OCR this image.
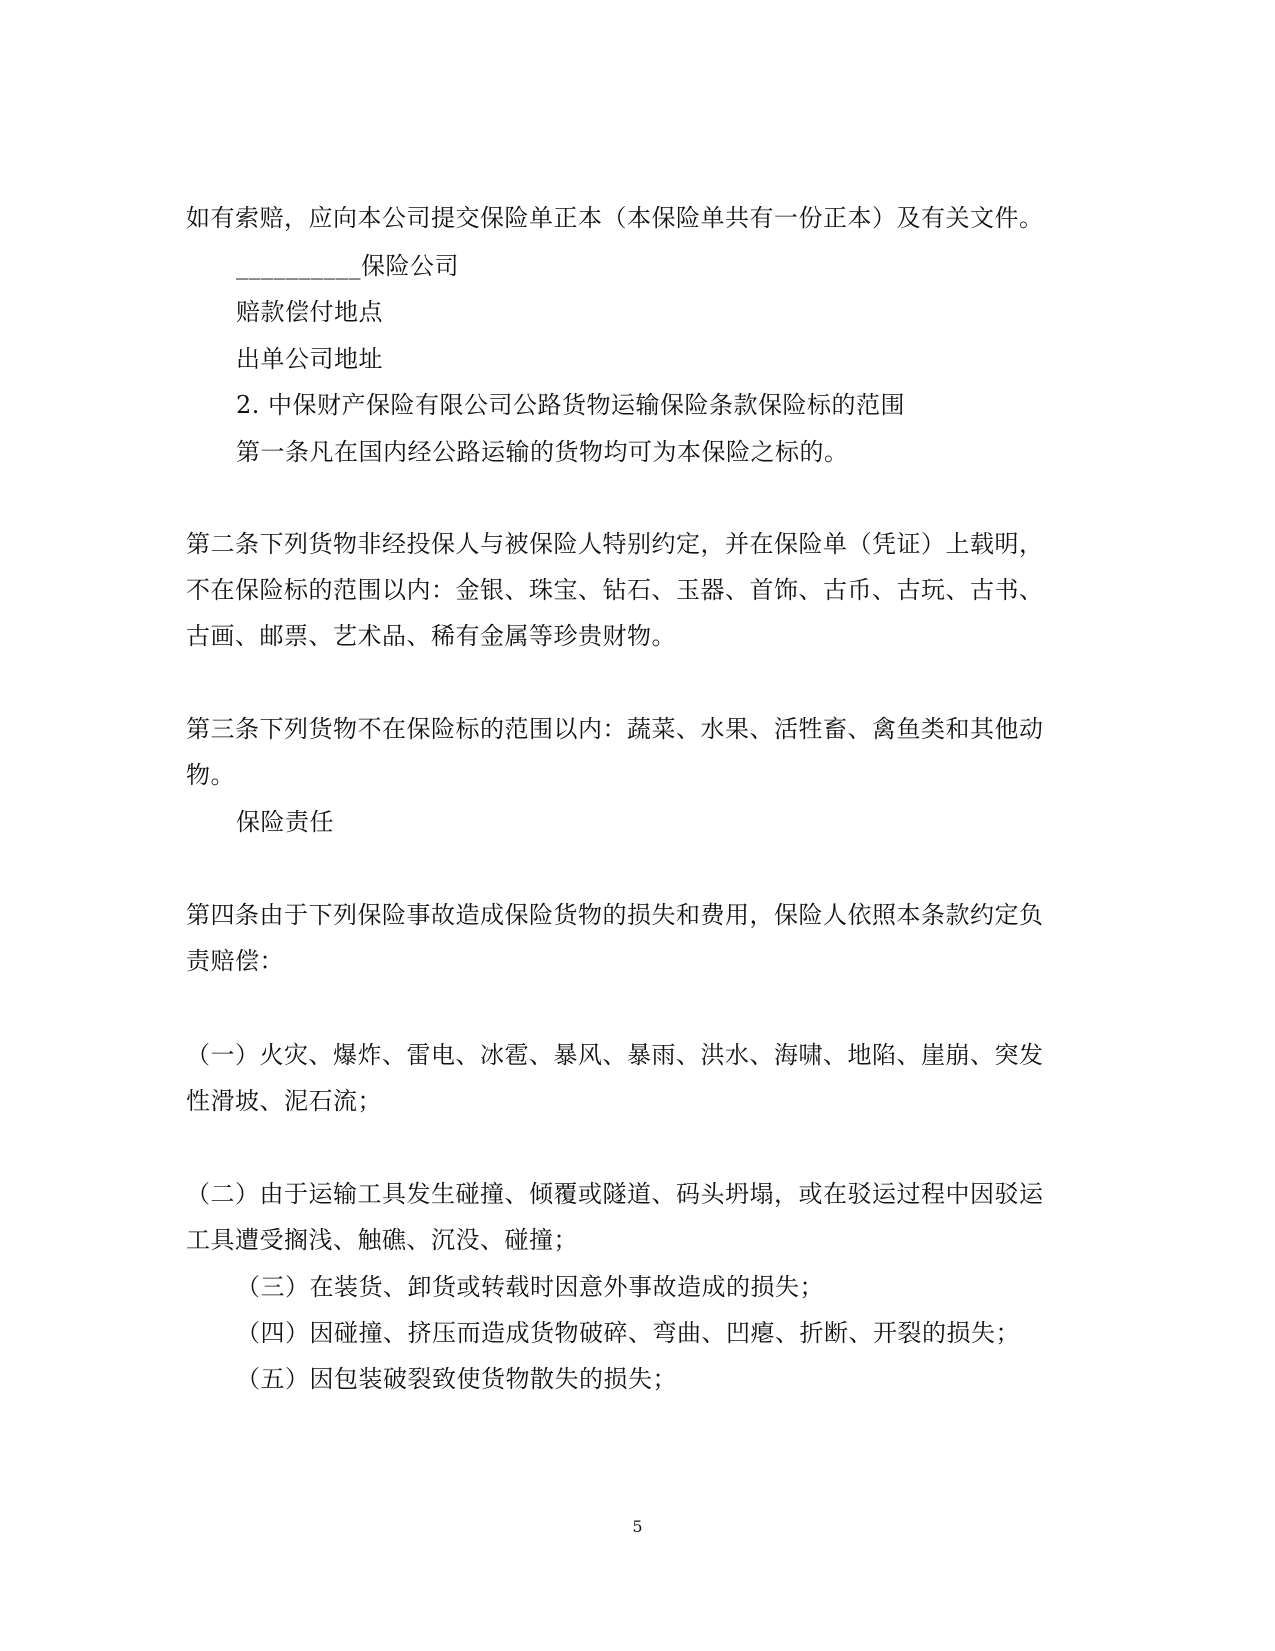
如有索赔，应向本公司提交保险单正本（本保险单共有一份正本）及有关文件。
__________保险公司
赔款偿付地点
出单公司地址
2. 中保财产保险有限公司公路货物运输保险条款保险标的范围
第一条凡在国内经公路运输的货物均可为本保险之标的。
第二条下列货物非经投保人与被保险人特别约定，并在保险单（凭证）上载明，
不在保险标的范围以内：金银、珠宝、钻石、玉器、首饰、古币、古玩、古书、
古画、邮票、艺术品、稀有金属等珍贵财物。
第三条下列货物不在保险标的范围以内：蔬菜、水果、活牲畜、禽鱼类和其他动
物。
保险责任
第四条由于下列保险事故造成保险货物的损失和费用，保险人依照本条款约定负
责赔偿：
（一）火灾、爆炸、雷电、冰雹、暴风、暴雨、洪水、海啸、地陷、崖崩、突发
性滑坡、泥石流；
（二）由于运输工具发生碰撞、倾覆或隧道、码头坍塌，或在驳运过程中因驳运
工具遭受搁浅、触礁、沉没、碰撞；
（三）在装货、卸货或转载时因意外事故造成的损失；
（四）因碰撞、挤压而造成货物破碎、弯曲、凹瘪、折断、开裂的损失；
（五）因包装破裂致使货物散失的损失；
5
